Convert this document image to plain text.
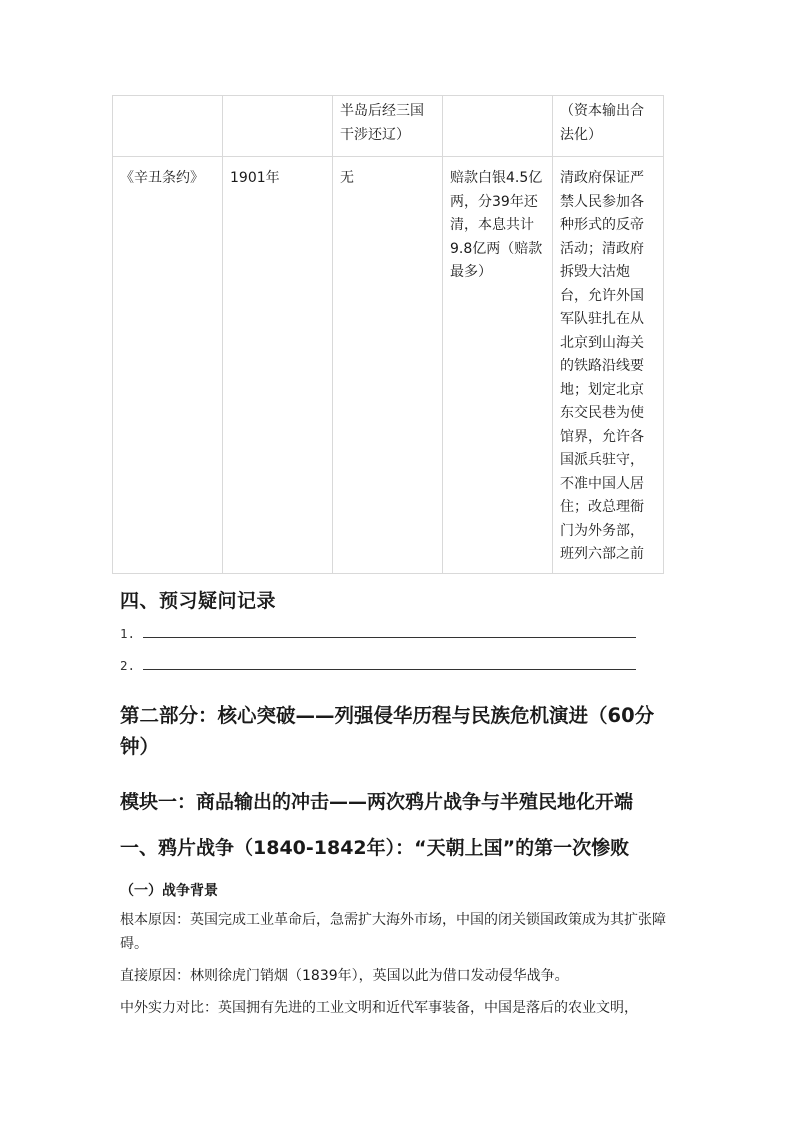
		半岛后经三国干涉还辽）		（资本输出合法化）
《辛丑条约》	1901年	无	赔款白银4.5亿两，分39年还清，本息共计9.8亿两（赔款最多）	清政府保证严禁人民参加各种形式的反帝活动；清政府拆毁大沽炮台，允许外国军队驻扎在从北京到山海关的铁路沿线要地；划定北京东交民巷为使馆界，允许各国派兵驻守，不准中国人居住；改总理衙门为外务部，班列六部之前
四、预习疑问记录
1.
2.
第二部分：核心突破——列强侵华历程与民族危机演进（60分钟）
模块一：商品输出的冲击——两次鸦片战争与半殖民地化开端
一、鸦片战争（1840-1842年）：“天朝上国”的第一次惨败
（一）战争背景
根本原因：英国完成工业革命后，急需扩大海外市场，中国的闭关锁国政策成为其扩张障碍。
直接原因：林则徐虎门销烟（1839年），英国以此为借口发动侵华战争。
中外实力对比：英国拥有先进的工业文明和近代军事装备，中国是落后的农业文明，
